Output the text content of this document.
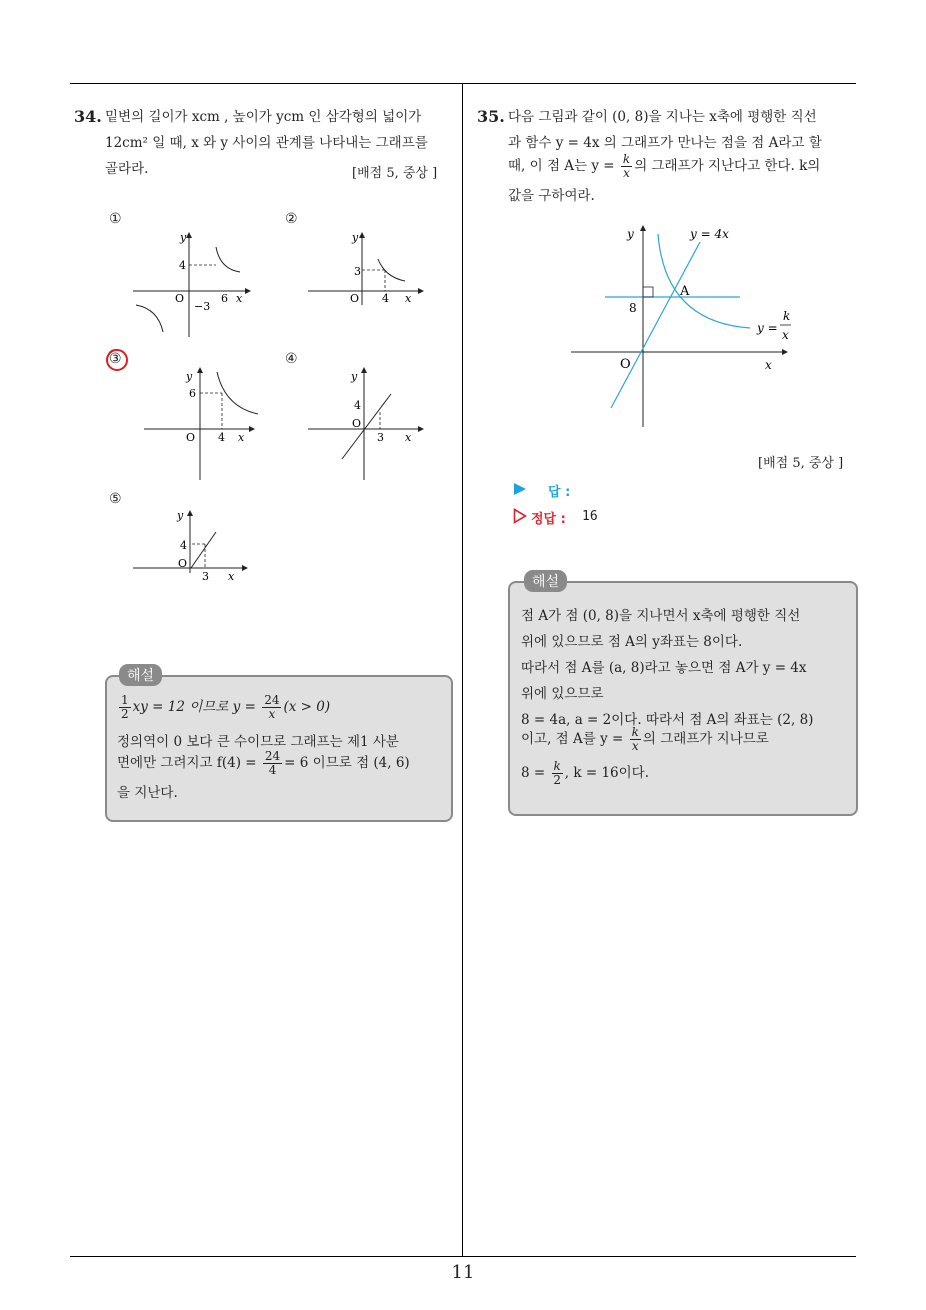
11
34. 밑변의 길이가 xcm , 높이가 ycm 인 삼각형의 넓이가
12cm² 일 때, x 와 y 사이의 관계를 나타내는 그래프를
골라라.	[배점 5, 중상 ]
①	②
③	④
⑤
y
x
4
O
−3
6
y
x
3
O 4
y
x
6
O 4
y
x
4
O
3
y
x
4
O
3
해설
$\frac{1}{2}$ xy = 12 이므로 $y = \frac{24}{x} (x > 0)$
정의역이 0 보다 큰 수이므로 그래프는 제1 사분
면에만 그려지고 $f(4) = \frac{24}{4} = 6$ 이므로 점 (4, 6)
을 지난다.
35. 다음 그림과 같이 (0, 8)을 지나는 x축에 평행한 직선
과 함수 y = 4x 의 그래프가 만나는 점을 점 A라고 할
때, 이 점 A는 $y = \frac{k}{x}$ 의 그래프가 지난다고 한다. k의
값을 구하여라.
y
x
y = 4x
A
8
O
y =
k
x
[배점 5, 중상 ]
답 :
정답 : 16
해설
점 A가 점 (0, 8)을 지나면서 x축에 평행한 직선
위에 있으므로 점 A의 y좌표는 8이다.
따라서 점 A를 (a, 8)라고 놓으면 점 A가 y = 4x
위에 있으므로
8 = 4a, a = 2이다. 따라서 점 A의 좌표는 (2, 8)
이고, 점 A를 $y = \frac{k}{x}$ 의 그래프가 지나므로
$8 = \frac{k}{2}$ , k = 16이다.
